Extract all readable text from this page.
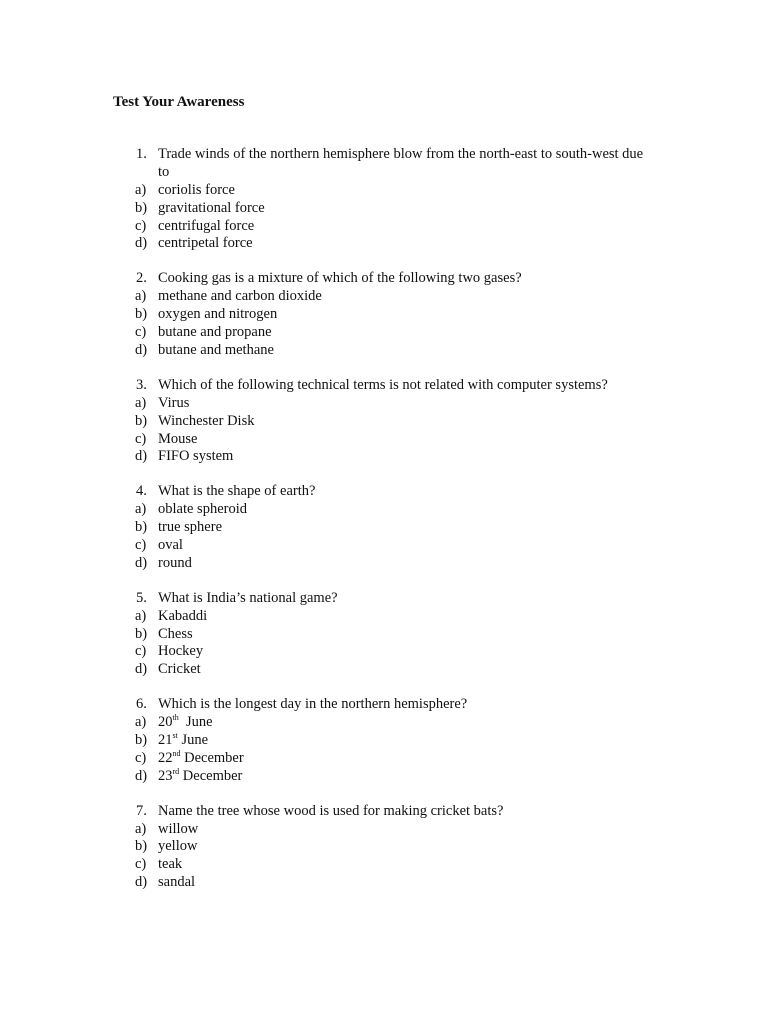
Test Your Awareness
1. Trade winds of the northern hemisphere blow from the north-east to south-west due to
a) coriolis force
b) gravitational force
c) centrifugal force
d) centripetal force
2. Cooking gas is a mixture of which of the following two gases?
a) methane and carbon dioxide
b) oxygen and nitrogen
c) butane and propane
d) butane and methane
3. Which of the following technical terms is not related with computer systems?
a) Virus
b) Winchester Disk
c) Mouse
d) FIFO system
4. What is the shape of earth?
a) oblate spheroid
b) true sphere
c) oval
d) round
5. What is India’s national game?
a) Kabaddi
b) Chess
c) Hockey
d) Cricket
6. Which is the longest day in the northern hemisphere?
a) 20th  June
b) 21st June
c) 22nd December
d) 23rd December
7. Name the tree whose wood is used for making cricket bats?
a) willow
b) yellow
c) teak
d) sandal
